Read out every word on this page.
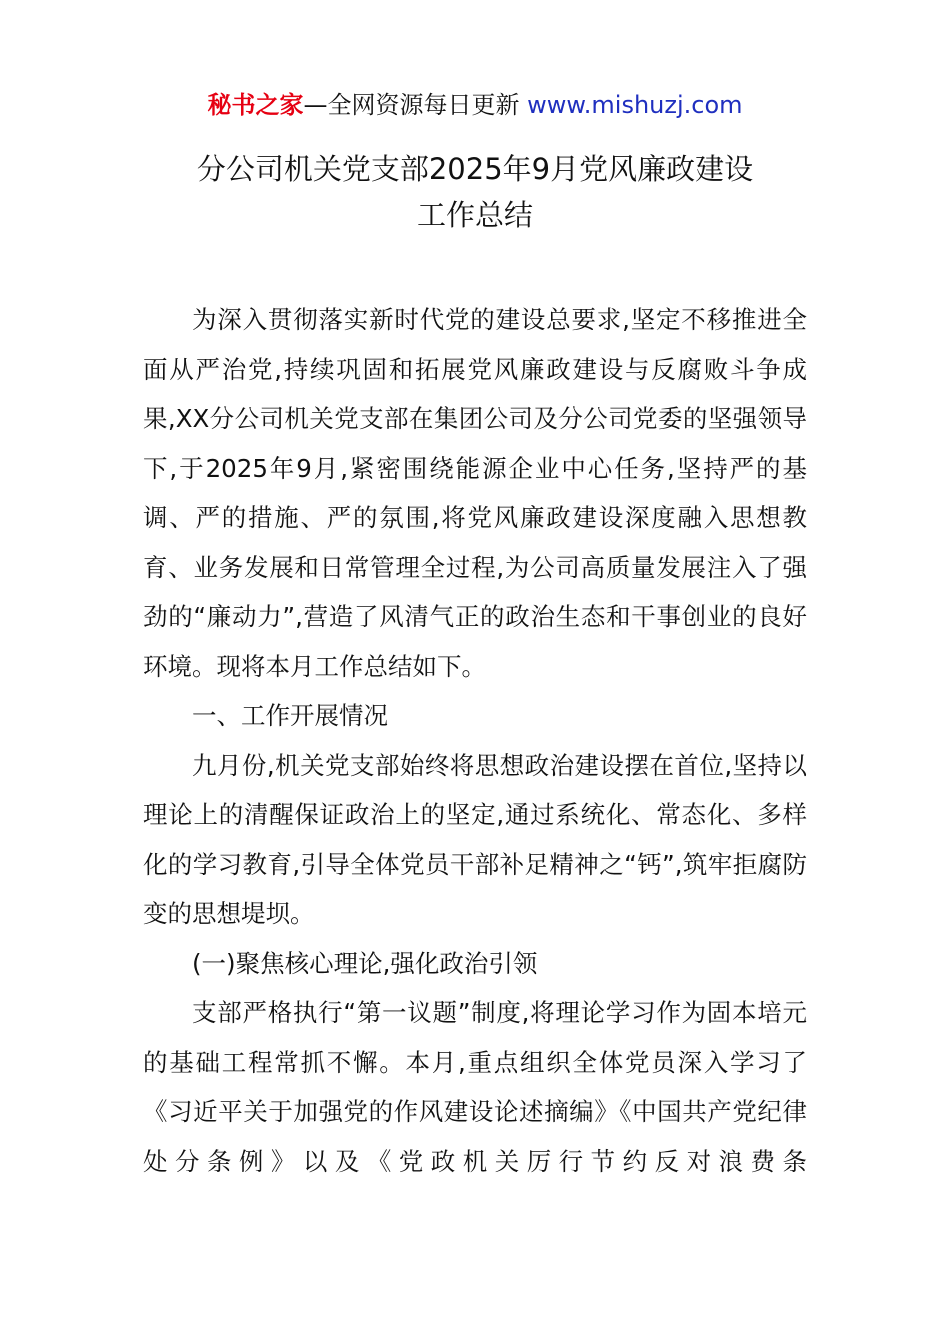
秘书之家—全网资源每日更新 www.mishuzj.com
分公司机关党支部2025年9月党风廉政建设
工作总结

为深入贯彻落实新时代党的建设总要求,坚定不移推进全面从严治党,持续巩固和拓展党风廉政建设与反腐败斗争成果,XX分公司机关党支部在集团公司及分公司党委的坚强领导下,于2025年9月,紧密围绕能源企业中心任务,坚持严的基调、严的措施、严的氛围,将党风廉政建设深度融入思想教育、业务发展和日常管理全过程,为公司高质量发展注入了强劲的“廉动力”,营造了风清气正的政治生态和干事创业的良好环境。现将本月工作总结如下。

一、工作开展情况

九月份,机关党支部始终将思想政治建设摆在首位,坚持以理论上的清醒保证政治上的坚定,通过系统化、常态化、多样化的学习教育,引导全体党员干部补足精神之“钙”,筑牢拒腐防变的思想堤坝。

(一)聚焦核心理论,强化政治引领

支部严格执行“第一议题”制度,将理论学习作为固本培元的基础工程常抓不懈。本月,重点组织全体党员深入学习了《习近平关于加强党的作风建设论述摘编》《中国共产党纪律处分条例》以及《党政机关厉行节约反对浪费条
